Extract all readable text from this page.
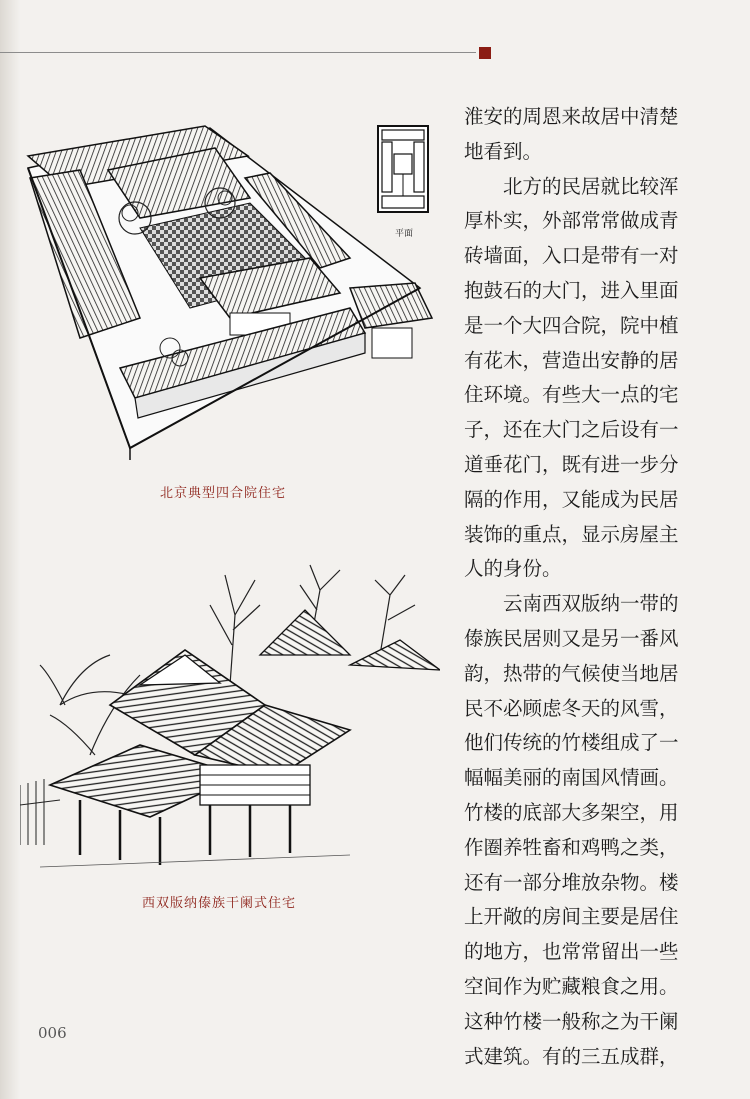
平面
北京典型四合院住宅
西双版纳傣族干阑式住宅

淮安的周恩来故居中清楚

地看到。

　　北方的民居就比较浑

厚朴实，外部常常做成青

砖墙面，入口是带有一对

抱鼓石的大门，进入里面

是一个大四合院，院中植

有花木，营造出安静的居

住环境。有些大一点的宅

子，还在大门之后设有一

道垂花门，既有进一步分

隔的作用，又能成为民居

装饰的重点，显示房屋主

人的身份。

　　云南西双版纳一带的

傣族民居则又是另一番风

韵，热带的气候使当地居

民不必顾虑冬天的风雪，

他们传统的竹楼组成了一

幅幅美丽的南国风情画。

竹楼的底部大多架空，用

作圈养牲畜和鸡鸭之类，

还有一部分堆放杂物。楼

上开敞的房间主要是居住

的地方，也常常留出一些

空间作为贮藏粮食之用。

这种竹楼一般称之为干阑

式建筑。有的三五成群，

006
